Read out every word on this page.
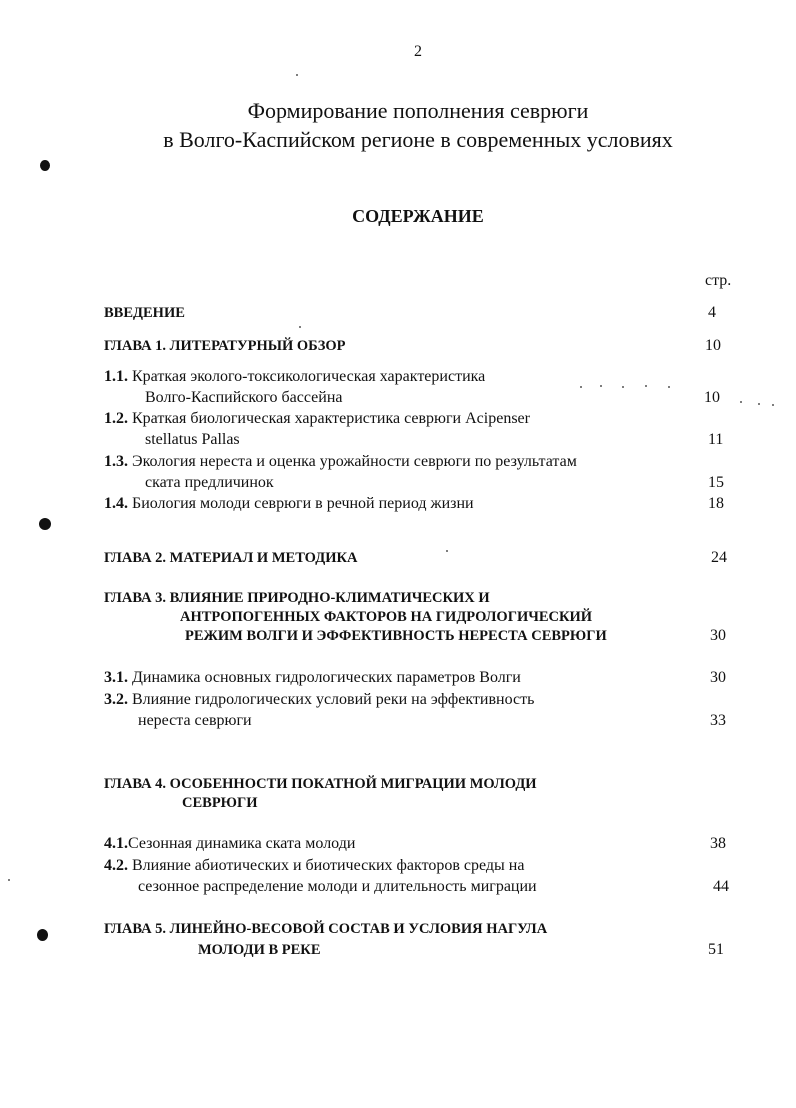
2
Формирование пополнения севрюги
в Волго-Каспийском регионе в современных условиях
СОДЕРЖАНИЕ
стр.
ВВЕДЕНИЕ	4
ГЛАВА 1. ЛИТЕРАТУРНЫЙ ОБЗОР	10
1.1. Краткая эколого-токсикологическая характеристика
Волго-Каспийского бассейна	10
1.2. Краткая биологическая характеристика севрюги Acipenser
stellatus Pallas	11
1.3. Экология нереста и оценка урожайности севрюги по результатам
ската предличинок	15
1.4. Биология молоди севрюги в речной период жизни	18
ГЛАВА 2. МАТЕРИАЛ И МЕТОДИКА	24
ГЛАВА 3. ВЛИЯНИЕ ПРИРОДНО-КЛИМАТИЧЕСКИХ И
АНТРОПОГЕННЫХ ФАКТОРОВ НА ГИДРОЛОГИЧЕСКИЙ
РЕЖИМ ВОЛГИ И ЭФФЕКТИВНОСТЬ НЕРЕСТА СЕВРЮГИ	30
3.1. Динамика основных гидрологических параметров Волги	30
3.2. Влияние гидрологических условий реки на эффективность
нереста севрюги	33
ГЛАВА 4. ОСОБЕННОСТИ ПОКАТНОЙ МИГРАЦИИ МОЛОДИ
СЕВРЮГИ
4.1.Сезонная динамика ската молоди	38
4.2. Влияние абиотических и биотических факторов среды на
сезонное распределение молоди и длительность миграции	44
ГЛАВА 5. ЛИНЕЙНО-ВЕСОВОЙ СОСТАВ И УСЛОВИЯ НАГУЛА
МОЛОДИ В РЕКЕ	51
